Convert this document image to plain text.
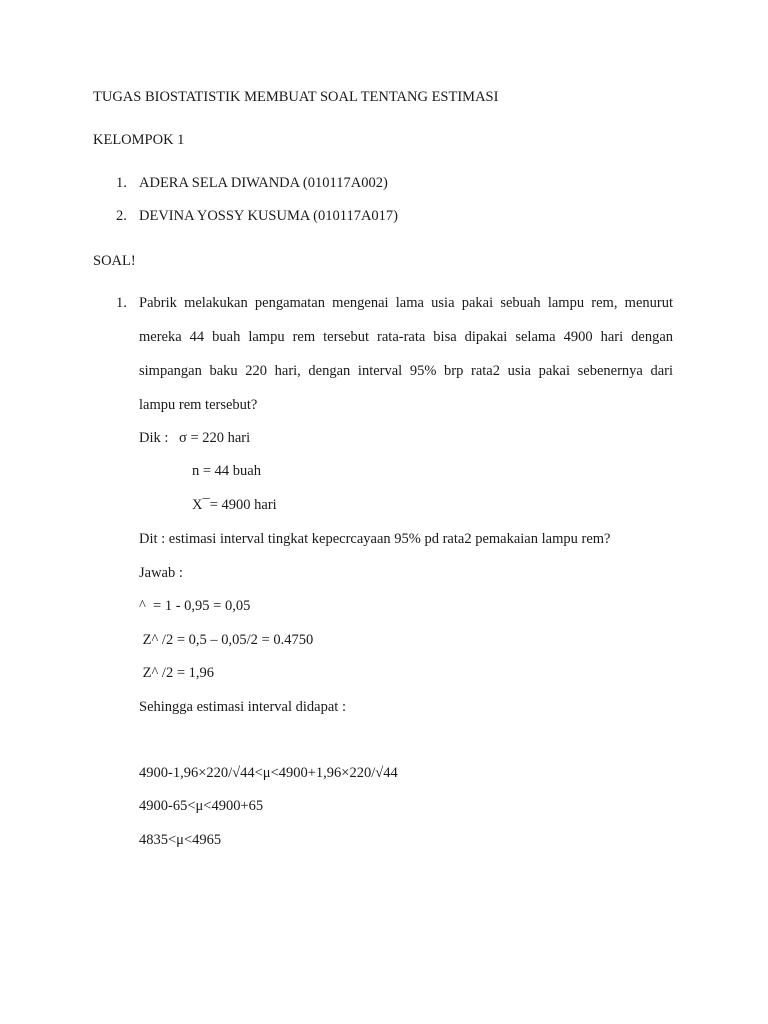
TUGAS BIOSTATISTIK MEMBUAT SOAL TENTANG ESTIMASI
KELOMPOK 1
1. ADERA SELA DIWANDA (010117A002)
2. DEVINA YOSSY KUSUMA (010117A017)
SOAL!
1. Pabrik melakukan pengamatan mengenai lama usia pakai sebuah lampu rem, menurut
mereka 44 buah lampu rem tersebut rata-rata bisa dipakai selama 4900 hari dengan
simpangan baku 220 hari, dengan interval 95% brp rata2 usia pakai sebenernya dari
lampu rem tersebut?
Dik : σ = 220 hari
n = 44 buah
X¯= 4900 hari
Dit : estimasi interval tingkat kepecrcayaan 95% pd rata2 pemakaian lampu rem?
Jawab :
^  = 1 - 0,95 = 0,05
Z^ /2 = 0,5 – 0,05/2 = 0.4750
Z^ /2 = 1,96
Sehingga estimasi interval didapat :
4900-1,96×220/√44<μ<4900+1,96×220/√44
4900-65<μ<4900+65
4835<μ<4965
